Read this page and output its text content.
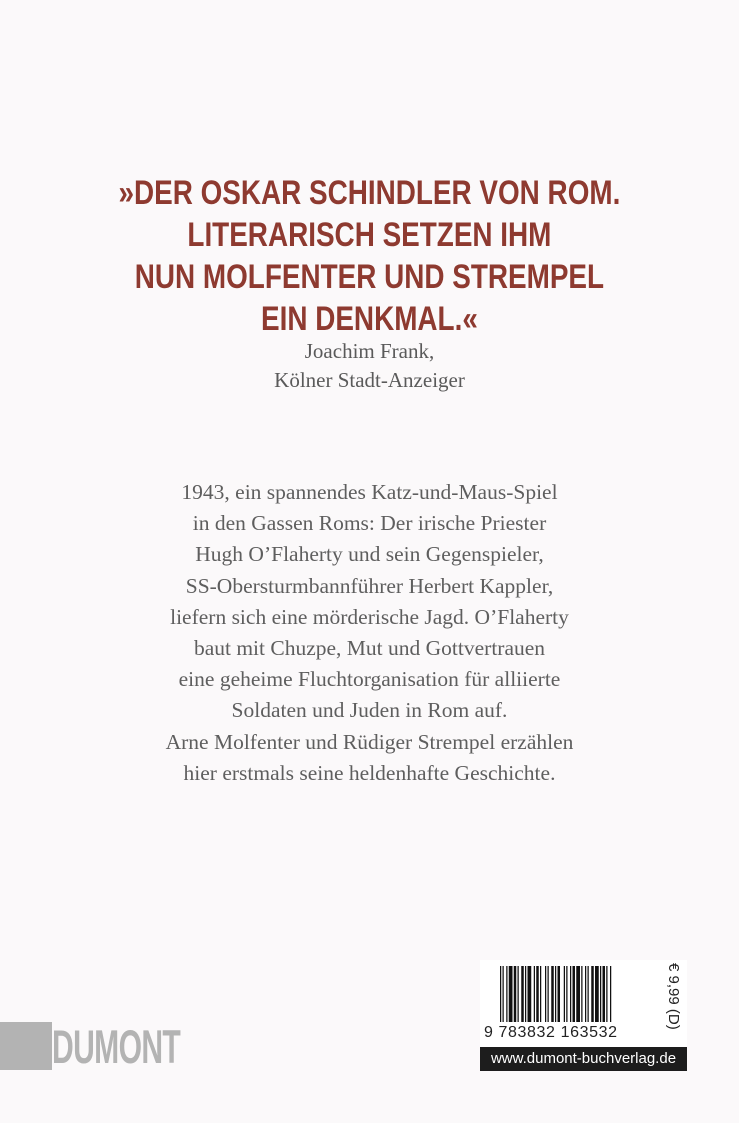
»DER OSKAR SCHINDLER VON ROM.
LITERARISCH SETZEN IHM
NUN MOLFENTER UND STREMPEL
EIN DENKMAL.«
Joachim Frank,
Kölner Stadt-Anzeiger
1943, ein spannendes Katz-und-Maus-Spiel
in den Gassen Roms: Der irische Priester
Hugh O’Flaherty und sein Gegenspieler,
SS-Obersturmbannführer Herbert Kappler,
liefern sich eine mörderische Jagd. O’Flaherty
baut mit Chuzpe, Mut und Gottvertrauen
eine geheime Fluchtorganisation für alliierte
Soldaten und Juden in Rom auf.
Arne Molfenter und Rüdiger Strempel erzählen
hier erstmals seine heldenhafte Geschichte.
DUMONT	9 783832 163532
€ 9,99 (D)
www.dumont-buchverlag.de
